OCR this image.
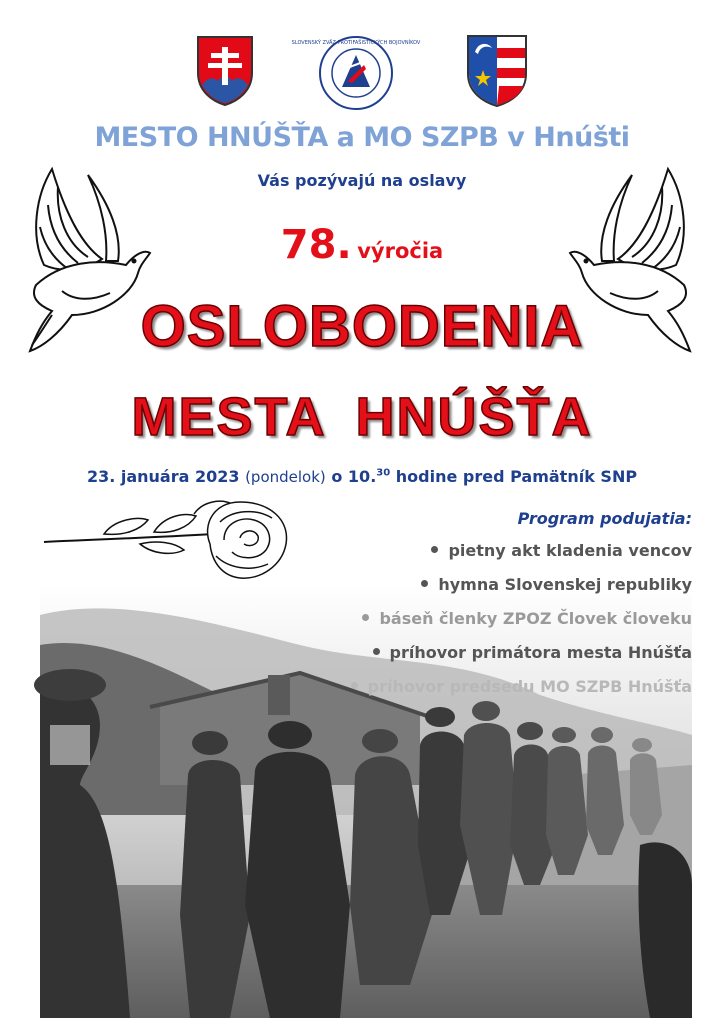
SLOVENSKÝ ZVÄZ PROTIFAŠISTICKÝCH BOJOVNÍKOV
MESTO HNÚŠŤA a MO SZPB v Hnúšti
Vás pozývajú na oslavy
78. výročia
OSLOBODENIA
MESTA HNÚŠŤA
23. januára 2023 (pondelok) o 10.30 hodine pred Pamätník SNP
Program podujatia:
pietny akt kladenia vencov
hymna Slovenskej republiky
báseň členky ZPOZ Človek človeku
príhovor primátora mesta Hnúšťa
príhovor predsedu MO SZPB Hnúšťa
